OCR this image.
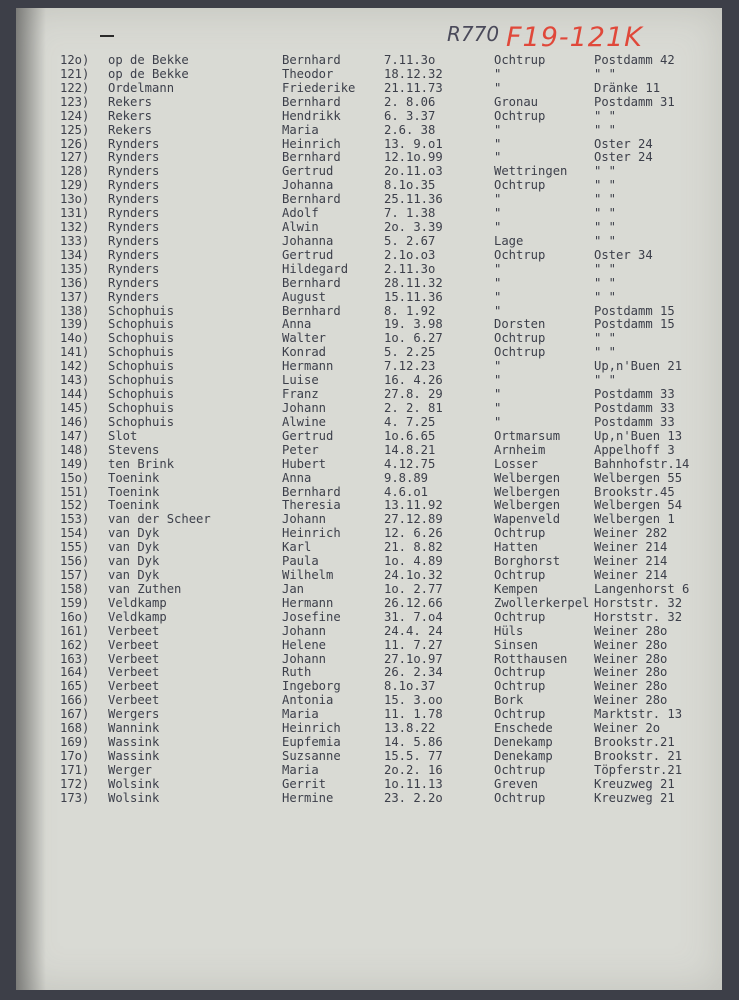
R770 F19-121K
12o) op de Bekke	Bernhard	7.11.3o	Ochtrup	Postdamm 42
121) op de Bekke	Theodor	18.12.32	"	" "
122) Ordelmann	Friederike 21.11.73	"	Dränke 11
123) Rekers	Bernhard	2. 8.06	Gronau	Postdamm 31
124) Rekers	Hendrikk	6. 3.37	Ochtrup	" "
125) Rekers	Maria	2.6. 38	"	" "
126) Rynders	Heinrich	13. 9.o1	"	Oster 24
127) Rynders	Bernhard	12.1o.99	"	Oster 24
128) Rynders	Gertrud	2o.11.o3	Wettringen " "
129) Rynders	Johanna	8.1o.35	Ochtrup	" "
13o) Rynders	Bernhard	25.11.36	"	" "
131) Rynders	Adolf	7. 1.38	"	" "
132) Rynders	Alwin	2o. 3.39	"	" "
133) Rynders	Johanna	5. 2.67	Lage	" "
134) Rynders	Gertrud	2.1o.o3	Ochtrup	Oster 34
135) Rynders	Hildegard	2.11.3o	"	" "
136) Rynders	Bernhard	28.11.32	"	" "
137) Rynders	August	15.11.36	"	" "
138) Schophuis	Bernhard	8. 1.92	"	Postdamm 15
139) Schophuis	Anna	19. 3.98	Dorsten	Postdamm 15
14o) Schophuis	Walter	1o. 6.27	Ochtrup	" "
141) Schophuis	Konrad	5. 2.25	Ochtrup	" "
142) Schophuis	Hermann	7.12.23	"	Up,n'Buen 21
143) Schophuis	Luise	16. 4.26	"	" "
144) Schophuis	Franz	27.8. 29	"	Postdamm 33
145) Schophuis	Johann	2. 2. 81	"	Postdamm 33
146) Schophuis	Alwine	4. 7.25	"	Postdamm 33
147) Slot	Gertrud	1o.6.65	Ortmarsum	Up,n'Buen 13
148) Stevens	Peter	14.8.21	Arnheim	Appelhoff 3
149) ten Brink	Hubert	4.12.75	Losser	Bahnhofstr.14
15o) Toenink	Anna	9.8.89	Welbergen	Welbergen 55
151) Toenink	Bernhard	4.6.o1	Welbergen	Brookstr.45
152) Toenink	Theresia	13.11.92	Welbergen	Welbergen 54
153) van der Scheer	Johann	27.12.89	Wapenveld	Welbergen 1
154) van Dyk	Heinrich	12. 6.26	Ochtrup	Weiner 282
155) van Dyk	Karl	21. 8.82	Hatten	Weiner 214
156) van Dyk	Paula	1o. 4.89	Borghorst	Weiner 214
157) van Dyk	Wilhelm	24.1o.32	Ochtrup	Weiner 214
158) van Zuthen	Jan	1o. 2.77	Kempen	Langenhorst 6
159) Veldkamp	Hermann	26.12.66	Zwollerkerpel Horststr. 32
16o) Veldkamp	Josefine	31. 7.o4	Ochtrup	Horststr. 32
161) Verbeet	Johann	24.4. 24	Hüls	Weiner 28o
162) Verbeet	Helene	11. 7.27	Sinsen	Weiner 28o
163) Verbeet	Johann	27.1o.97	Rotthausen Weiner 28o
164) Verbeet	Ruth	26. 2.34	Ochtrup	Weiner 28o
165) Verbeet	Ingeborg	8.1o.37	Ochtrup	Weiner 28o
166) Verbeet	Antonia	15. 3.oo	Bork	Weiner 28o
167) Wergers	Maria	11. 1.78	Ochtrup	Marktstr. 13
168) Wannink	Heinrich	13.8.22	Enschede	Weiner 2o
169) Wassink	Eupfemia	14. 5.86	Denekamp	Brookstr.21
17o) Wassink	Suzsanne	15.5. 77	Denekamp	Brookstr. 21
171) Werger	Maria	2o.2. 16	Ochtrup	Töpferstr.21
172) Wolsink	Gerrit	1o.11.13	Greven	Kreuzweg 21
173) Wolsink	Hermine	23. 2.2o	Ochtrup	Kreuzweg 21
